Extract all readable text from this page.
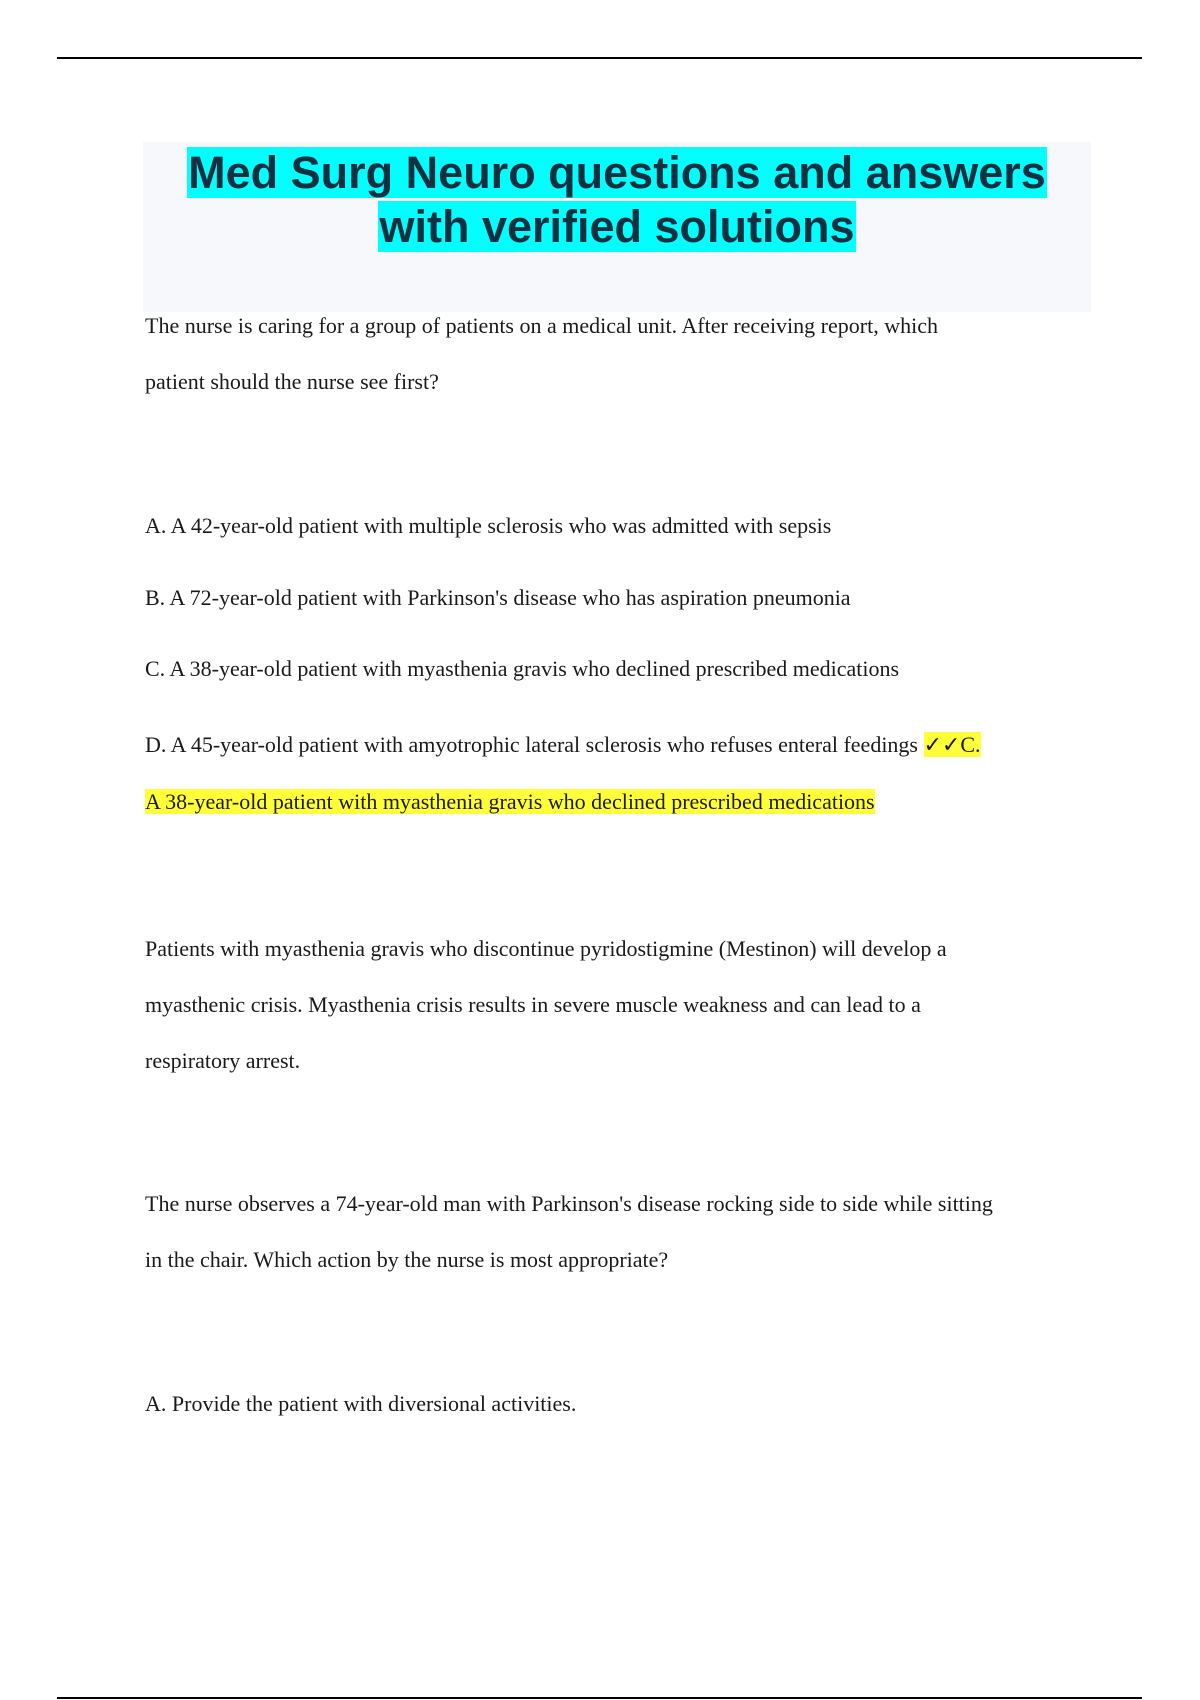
Med Surg Neuro questions and answers
with verified solutions

The nurse is caring for a group of patients on a medical unit. After receiving report, which
patient should the nurse see first?

A. A 42-year-old patient with multiple sclerosis who was admitted with sepsis

B. A 72-year-old patient with Parkinson's disease who has aspiration pneumonia

C. A 38-year-old patient with myasthenia gravis who declined prescribed medications

D. A 45-year-old patient with amyotrophic lateral sclerosis who refuses enteral feedings ✓✓C.
A 38-year-old patient with myasthenia gravis who declined prescribed medications

Patients with myasthenia gravis who discontinue pyridostigmine (Mestinon) will develop a
myasthenic crisis. Myasthenia crisis results in severe muscle weakness and can lead to a
respiratory arrest.

The nurse observes a 74-year-old man with Parkinson's disease rocking side to side while sitting
in the chair. Which action by the nurse is most appropriate?

A. Provide the patient with diversional activities.
